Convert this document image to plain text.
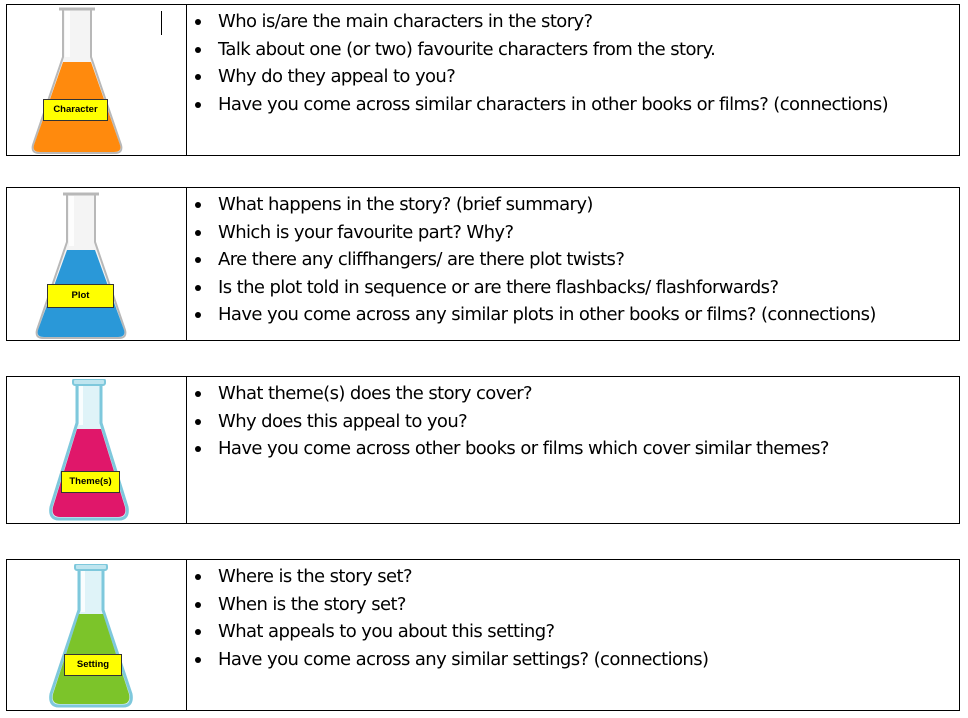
Character
Who is/are the main characters in the story?
Talk about one (or two) favourite characters from the story.
Why do they appeal to you?
Have you come across similar characters in other books or films? (connections)
Plot
What happens in the story? (brief summary)
Which is your favourite part? Why?
Are there any cliffhangers/ are there plot twists?
Is the plot told in sequence or are there flashbacks/ flashforwards?
Have you come across any similar plots in other books or films? (connections)
Theme(s)
What theme(s) does the story cover?
Why does this appeal to you?
Have you come across other books or films which cover similar themes?
Setting
Where is the story set?
When is the story set?
What appeals to you about this setting?
Have you come across any similar settings? (connections)
